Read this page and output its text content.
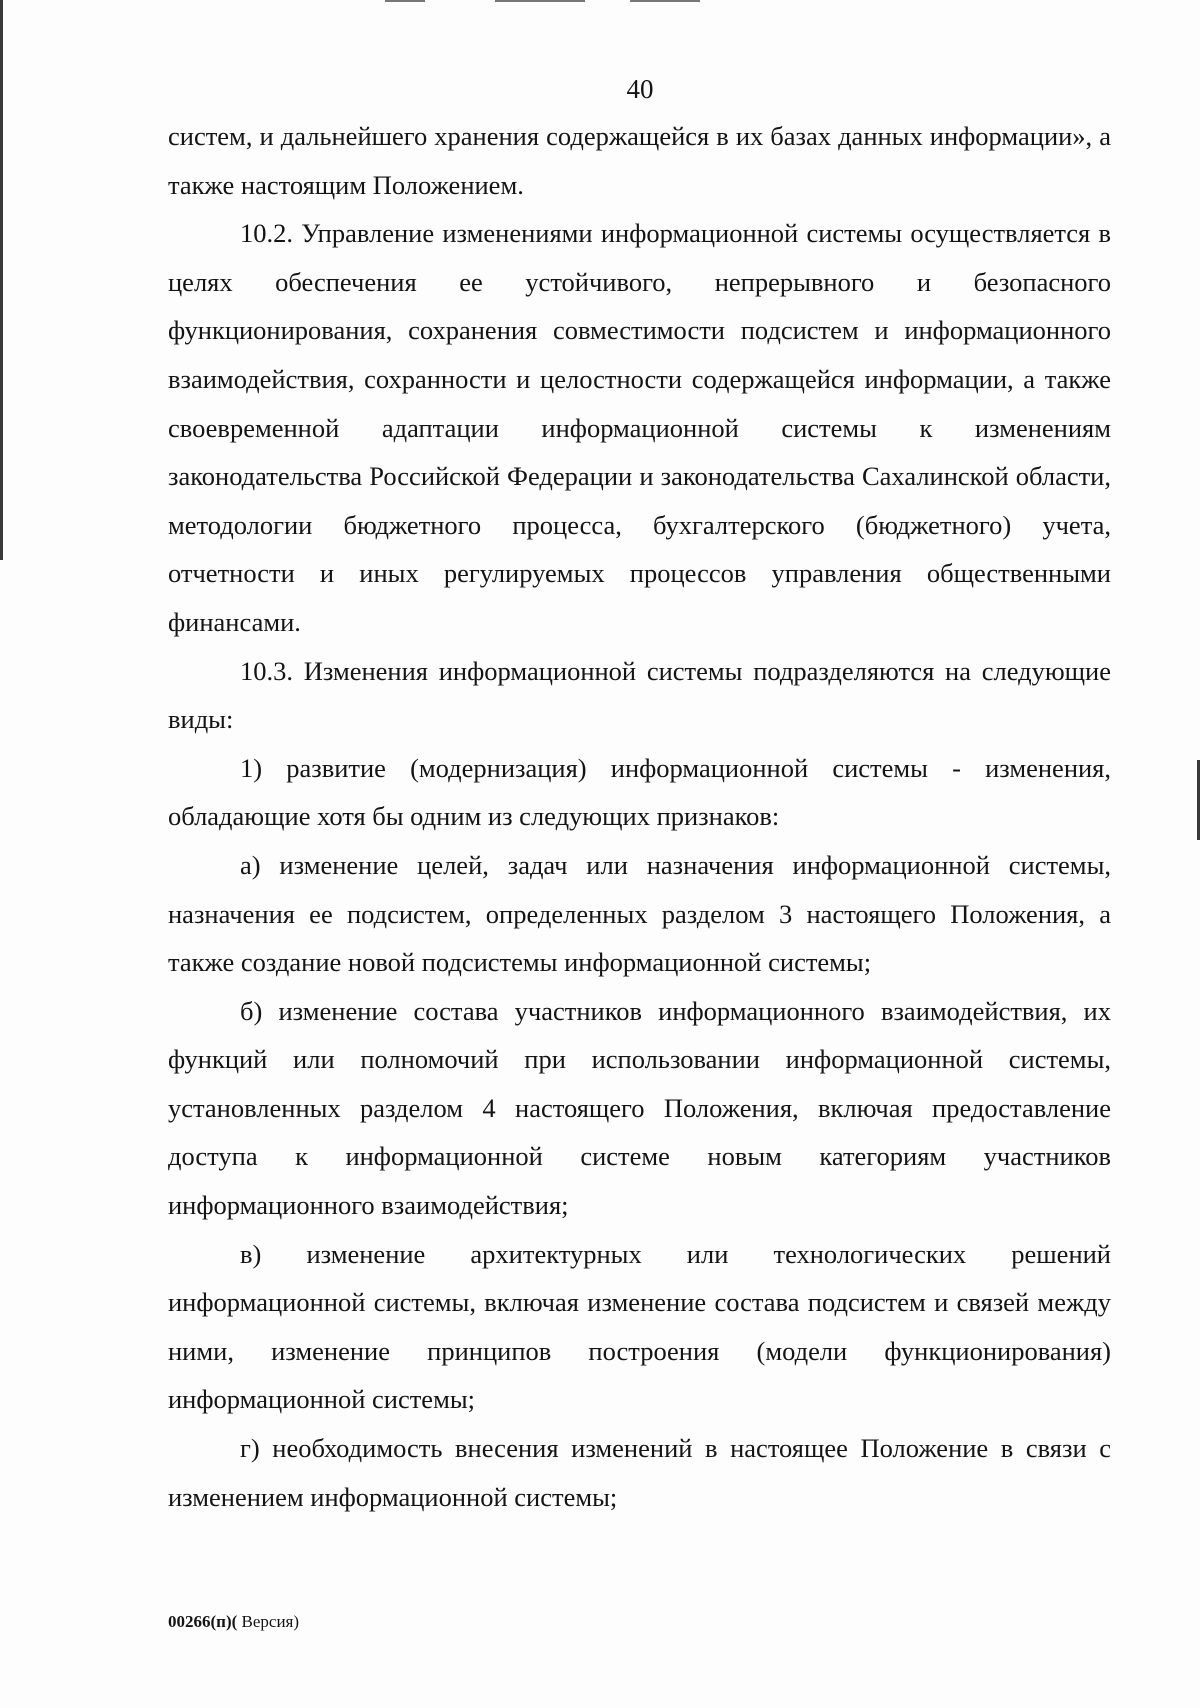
40

систем, и дальнейшего хранения содержащейся в их базах данных информации», а также настоящим Положением.

10.2. Управление изменениями информационной системы осуществляется в целях обеспечения ее устойчивого, непрерывного и безопасного функционирования, сохранения совместимости подсистем и информационного взаимодействия, сохранности и целостности содержащейся информации, а также своевременной адаптации информационной системы к изменениям законодательства Российской Федерации и законодательства Сахалинской области, методологии бюджетного процесса, бухгалтерского (бюджетного) учета, отчетности и иных регулируемых процессов управления общественными финансами.

10.3. Изменения информационной системы подразделяются на следующие виды:

1) развитие (модернизация) информационной системы - изменения, обладающие хотя бы одним из следующих признаков:

а) изменение целей, задач или назначения информационной системы, назначения ее подсистем, определенных разделом 3 настоящего Положения, а также создание новой подсистемы информационной системы;

б) изменение состава участников информационного взаимодействия, их функций или полномочий при использовании информационной системы, установленных разделом 4 настоящего Положения, включая предоставление доступа к информационной системе новым категориям участников информационного взаимодействия;

в) изменение архитектурных или технологических решений информационной системы, включая изменение состава подсистем и связей между ними, изменение принципов построения (модели функционирования) информационной системы;

г) необходимость внесения изменений в настоящее Положение в связи с изменением информационной системы;

00266(п)( Версия)
